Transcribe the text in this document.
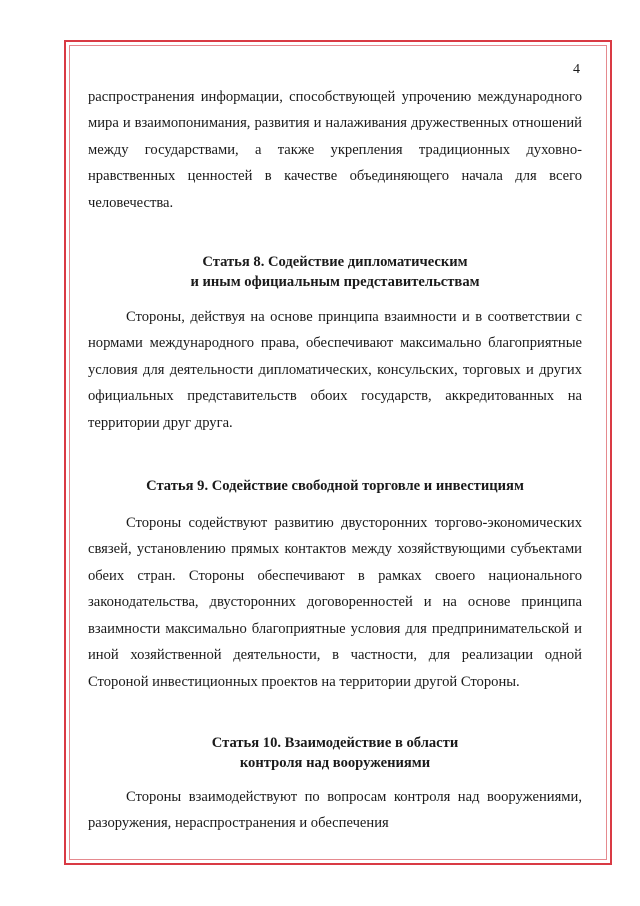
4

распространения информации, способствующей упрочению международного мира и взаимопонимания, развития и налаживания дружественных отношений между государствами, а также укрепления традиционных духовно-нравственных ценностей в качестве объединяющего начала для всего человечества.

Статья 8. Содействие дипломатическим
и иным официальным представительствам

Стороны, действуя на основе принципа взаимности и в соответствии с нормами международного права, обеспечивают максимально благоприятные условия для деятельности дипломатических, консульских, торговых и других официальных представительств обоих государств, аккредитованных на территории друг друга.

Статья 9. Содействие свободной торговле и инвестициям

Стороны содействуют развитию двусторонних торгово-экономических связей, установлению прямых контактов между хозяйствующими субъектами обеих стран. Стороны обеспечивают в рамках своего национального законодательства, двусторонних договоренностей и на основе принципа взаимности максимально благоприятные условия для предпринимательской и иной хозяйственной деятельности, в частности, для реализации одной Стороной инвестиционных проектов на территории другой Стороны.

Статья 10. Взаимодействие в области
контроля над вооружениями

Стороны взаимодействуют по вопросам контроля над вооружениями, разоружения, нераспространения и обеспечения
